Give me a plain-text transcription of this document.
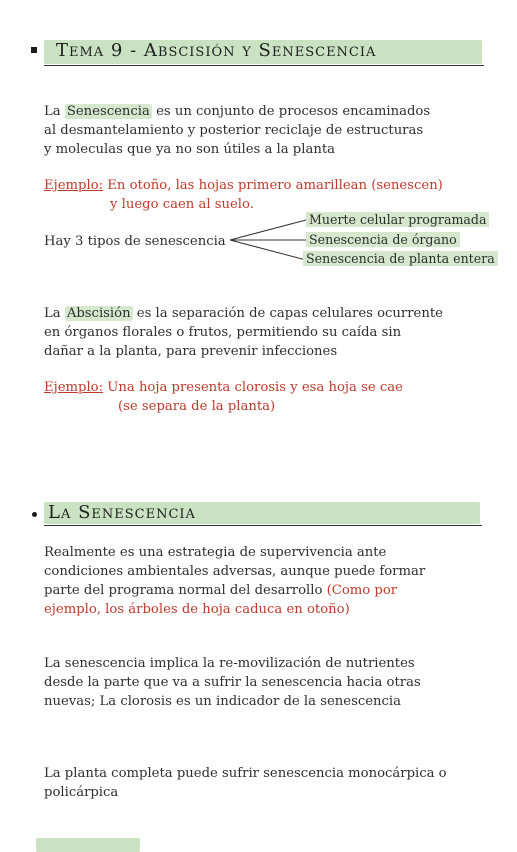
Tema 9 - Abscisión y Senescencia
La Senescencia es un conjunto de procesos encaminados
al desmantelamiento y posterior reciclaje de estructuras
y moleculas que ya no son útiles a la planta
Ejemplo: En otoño, las hojas primero amarillean (senescen)
y luego caen al suelo.
Hay 3 tipos de senescencia
Muerte celular programada
Senescencia de órgano
Senescencia de planta entera
La Abscisión es la separación de capas celulares ocurrente
en órganos florales o frutos, permitiendo su caída sin
dañar a la planta, para prevenir infecciones
Ejemplo: Una hoja presenta clorosis y esa hoja se cae
(se separa de la planta)
La Senescencia
Realmente es una estrategia de supervivencia ante
condiciones ambientales adversas, aunque puede formar
parte del programa normal del desarrollo (Como por
ejemplo, los árboles de hoja caduca en otoño)
La senescencia implica la re-movilización de nutrientes
desde la parte que va a sufrir la senescencia hacia otras
nuevas; La clorosis es un indicador de la senescencia
La planta completa puede sufrir senescencia monocárpica o
policárpica
